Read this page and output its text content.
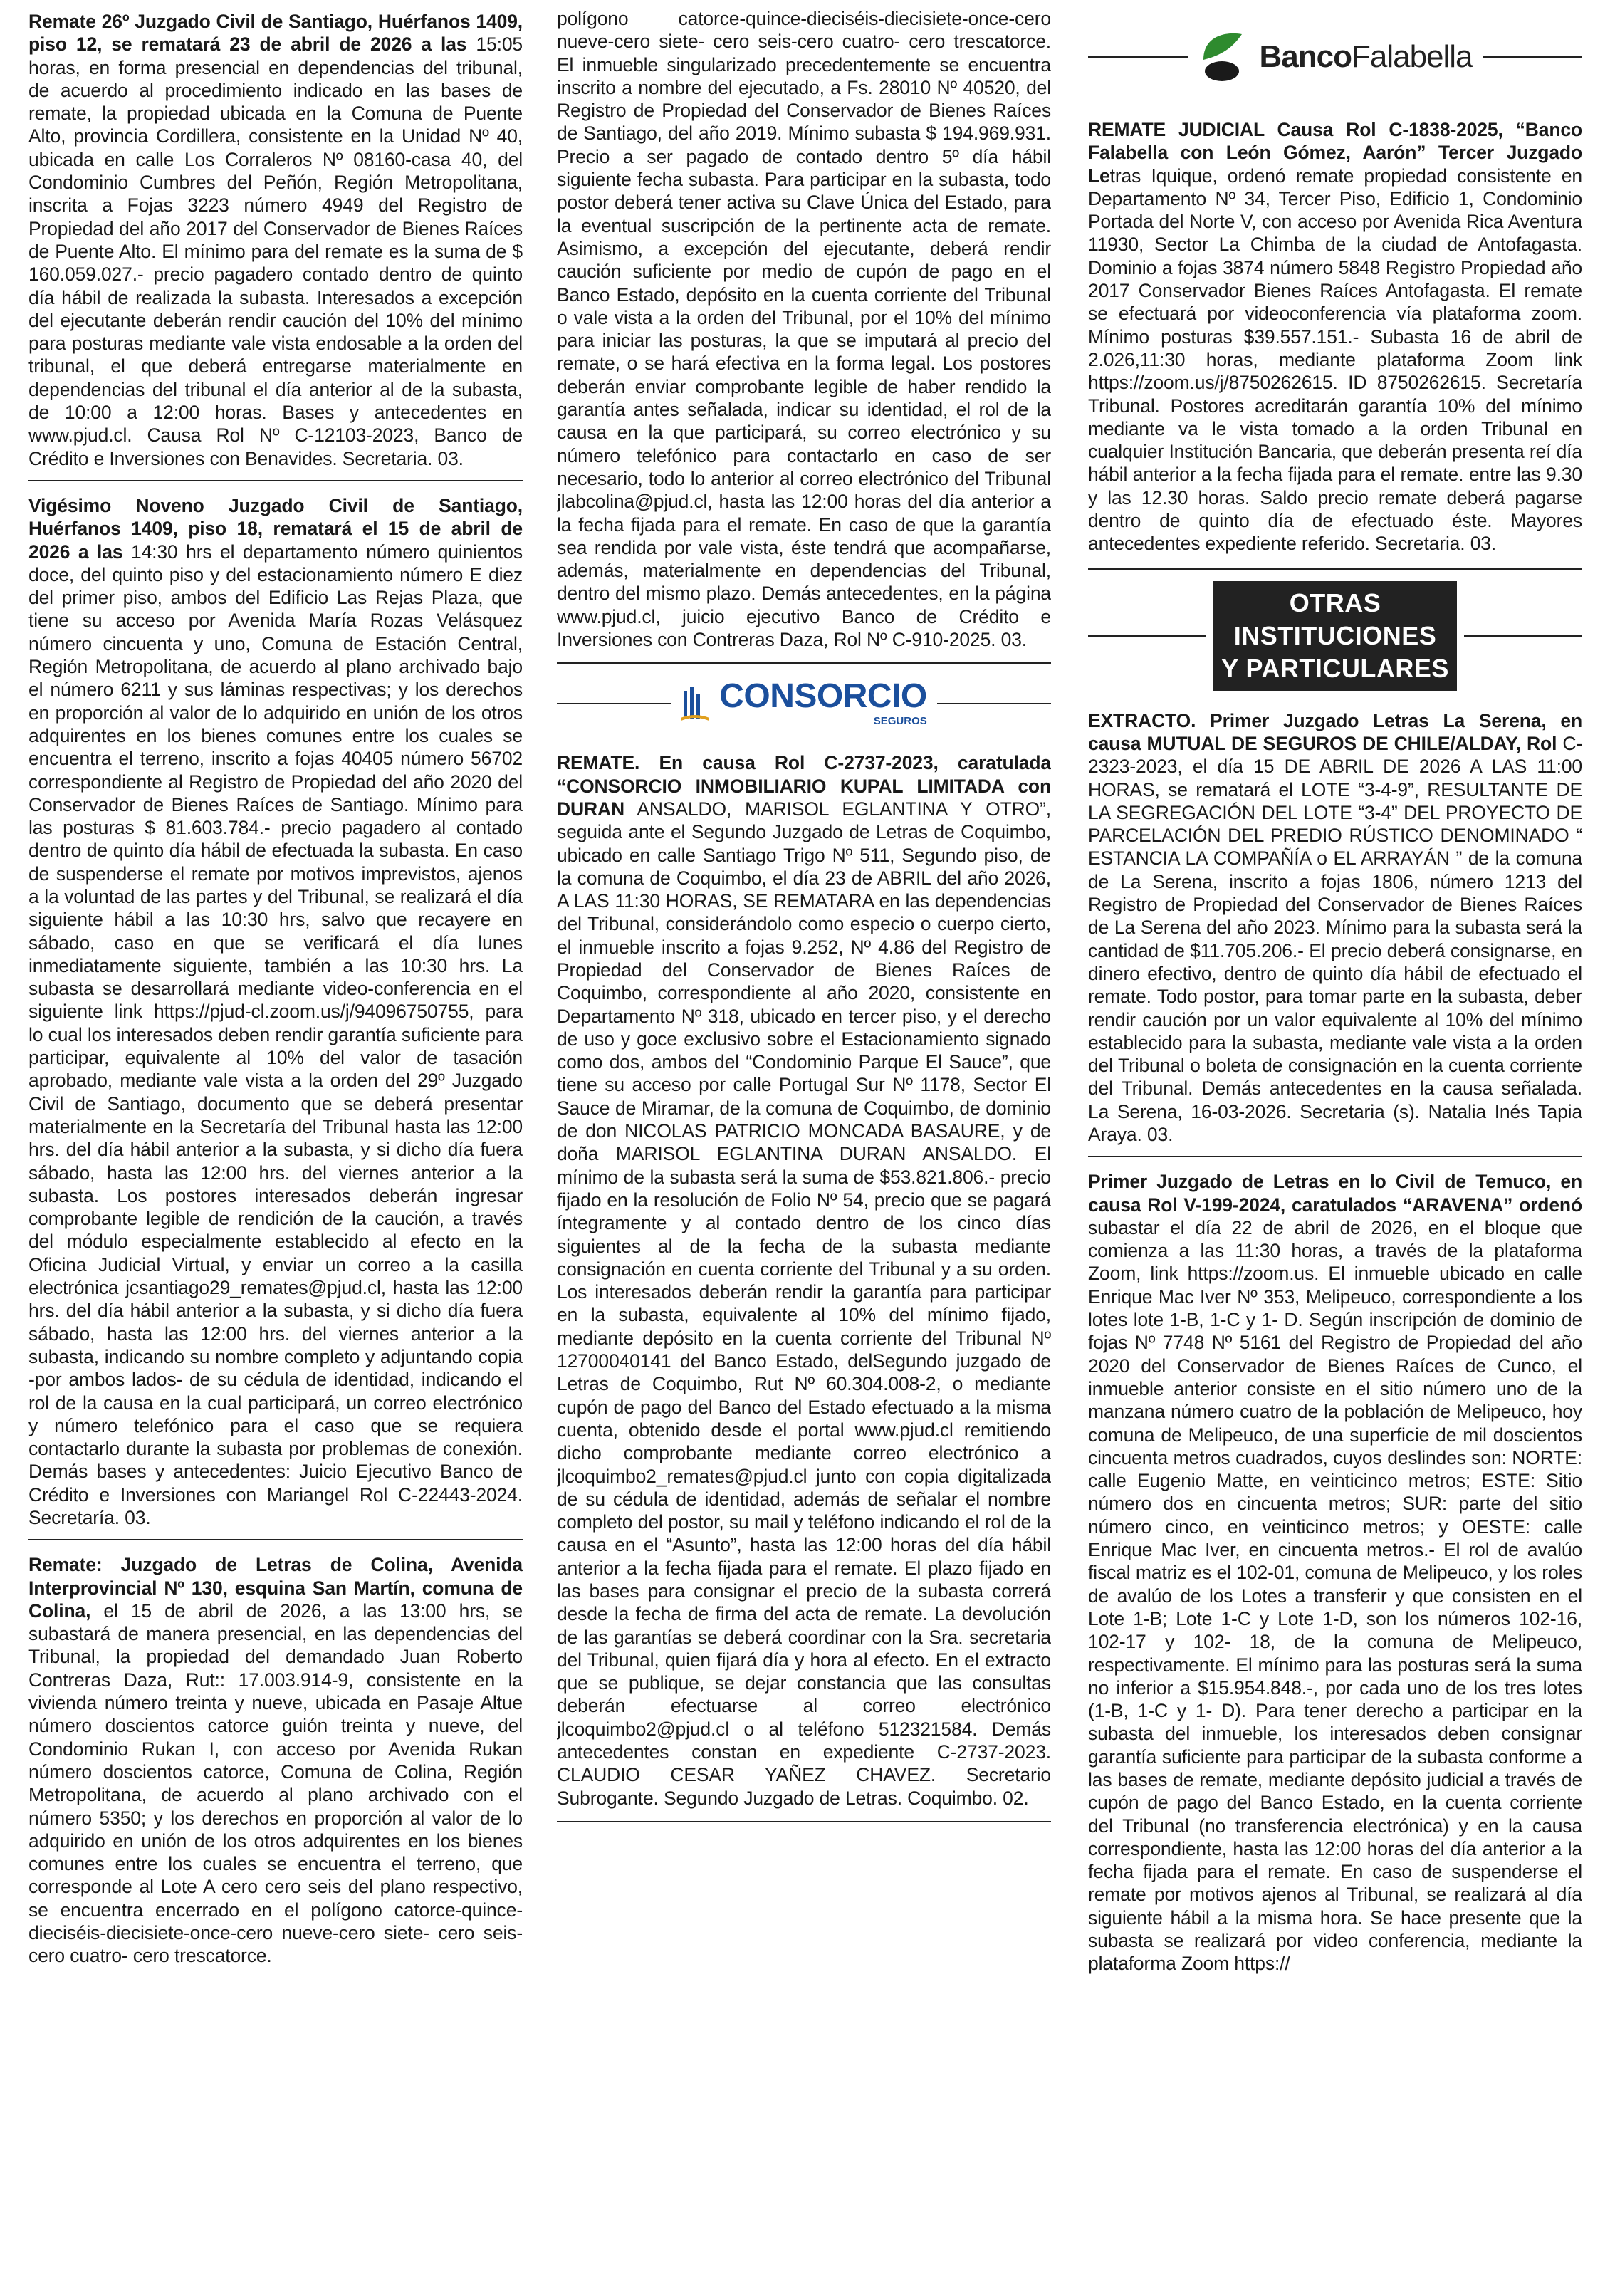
Remate 26º Juzgado Civil de Santiago, Huérfanos 1409, piso 12, se rematará 23 de abril de 2026 a las 15:05 horas, en forma presencial en dependencias del tribunal, de acuerdo al procedimiento indicado en las bases de remate, la propiedad ubicada en la Comuna de Puente Alto, provincia Cordillera, consistente en la Unidad Nº 40, ubicada en calle Los Corraleros Nº 08160-casa 40, del Condominio Cumbres del Peñón, Región Metropolitana, inscrita a Fojas 3223 número 4949 del Registro de Propiedad del año 2017 del Conservador de Bienes Raíces de Puente Alto. El mínimo para del remate es la suma de $ 160.059.027.- precio pagadero contado dentro de quinto día hábil de realizada la subasta. Interesados a excepción del ejecutante deberán rendir caución del 10% del mínimo para posturas mediante vale vista endosable a la orden del tribunal, el que deberá entregarse materialmente en dependencias del tribunal el día anterior al de la subasta, de 10:00 a 12:00 horas. Bases y antecedentes en www.pjud.cl. Causa Rol Nº C-12103-2023, Banco de Crédito e Inversiones con Benavides. Secretaria. 03.

Vigésimo Noveno Juzgado Civil de Santiago, Huérfanos 1409, piso 18, rematará el 15 de abril de 2026 a las 14:30 hrs el departamento número quinientos doce, del quinto piso y del estacionamiento número E diez del primer piso, ambos del Edificio Las Rejas Plaza, que tiene su acceso por Avenida María Rozas Velásquez número cincuenta y uno, Comuna de Estación Central, Región Metropolitana, de acuerdo al plano archivado bajo el número 6211 y sus láminas respectivas; y los derechos en proporción al valor de lo adquirido en unión de los otros adquirentes en los bienes comunes entre los cuales se encuentra el terreno, inscrito a fojas 40405 número 56702 correspondiente al Registro de Propiedad del año 2020 del Conservador de Bienes Raíces de Santiago. Mínimo para las posturas $ 81.603.784.- precio pagadero al contado dentro de quinto día hábil de efectuada la subasta. En caso de suspenderse el remate por motivos imprevistos, ajenos a la voluntad de las partes y del Tribunal, se realizará el día siguiente hábil a las 10:30 hrs, salvo que recayere en sábado, caso en que se verificará el día lunes inmediatamente siguiente, también a las 10:30 hrs. La subasta se desarrollará mediante video-conferencia en el siguiente link https://pjud-cl.zoom.us/j/94096750755, para lo cual los interesados deben rendir garantía suficiente para participar, equivalente al 10% del valor de tasación aprobado, mediante vale vista a la orden del 29º Juzgado Civil de Santiago, documento que se deberá presentar materialmente en la Secretaría del Tribunal hasta las 12:00 hrs. del día hábil anterior a la subasta, y si dicho día fuera sábado, hasta las 12:00 hrs. del viernes anterior a la subasta. Los postores interesados deberán ingresar comprobante legible de rendición de la caución, a través del módulo especialmente establecido al efecto en la Oficina Judicial Virtual, y enviar un correo a la casilla electrónica jcsantiago29_remates@pjud.cl, hasta las 12:00 hrs. del día hábil anterior a la subasta, y si dicho día fuera sábado, hasta las 12:00 hrs. del viernes anterior a la subasta, indicando su nombre completo y adjuntando copia -por ambos lados- de su cédula de identidad, indicando el rol de la causa en la cual participará, un correo electrónico y número telefónico para el caso que se requiera contactarlo durante la subasta por problemas de conexión. Demás bases y antecedentes: Juicio Ejecutivo Banco de Crédito e Inversiones con Mariangel Rol C-22443-2024. Secretaría. 03.

Remate: Juzgado de Letras de Colina, Avenida Interprovincial Nº 130, esquina San Martín, comuna de Colina, el 15 de abril de 2026, a las 13:00 hrs, se subastará de manera presencial, en las dependencias del Tribunal, la propiedad del demandado Juan Roberto Contreras Daza, Rut:: 17.003.914-9, consistente en la vivienda número treinta y nueve, ubicada en Pasaje Altue número doscientos catorce guión treinta y nueve, del Condominio Rukan I, con acceso por Avenida Rukan número doscientos catorce, Comuna de Colina, Región Metropolitana, de acuerdo al plano archivado con el número 5350; y los derechos en proporción al valor de lo adquirido en unión de los otros adquirentes en los bienes comunes entre los cuales se encuentra el terreno, que corresponde al Lote A cero cero seis del plano respectivo, se encuentra encerrado en el polígono catorce-quince-dieciséis-diecisiete-once-cero nueve-cero siete- cero seis-cero cuatro- cero trescatorce.

polígono catorce-quince-dieciséis-diecisiete-once-cero nueve-cero siete- cero seis-cero cuatro- cero trescatorce. El inmueble singularizado precedentemente se encuentra inscrito a nombre del ejecutado, a Fs. 28010 Nº 40520, del Registro de Propiedad del Conservador de Bienes Raíces de Santiago, del año 2019. Mínimo subasta $ 194.969.931. Precio a ser pagado de contado dentro 5º día hábil siguiente fecha subasta. Para participar en la subasta, todo postor deberá tener activa su Clave Única del Estado, para la eventual suscripción de la pertinente acta de remate. Asimismo, a excepción del ejecutante, deberá rendir caución suficiente por medio de cupón de pago en el Banco Estado, depósito en la cuenta corriente del Tribunal o vale vista a la orden del Tribunal, por el 10% del mínimo para iniciar las posturas, la que se imputará al precio del remate, o se hará efectiva en la forma legal. Los postores deberán enviar comprobante legible de haber rendido la garantía antes señalada, indicar su identidad, el rol de la causa en la que participará, su correo electrónico y su número telefónico para contactarlo en caso de ser necesario, todo lo anterior al correo electrónico del Tribunal jlabcolina@pjud.cl, hasta las 12:00 horas del día anterior a la fecha fijada para el remate. En caso de que la garantía sea rendida por vale vista, éste tendrá que acompañarse, además, materialmente en dependencias del Tribunal, dentro del mismo plazo. Demás antecedentes, en la página www.pjud.cl, juicio ejecutivo Banco de Crédito e Inversiones con Contreras Daza, Rol Nº C-910-2025. 03.

CONSORCIO
SEGUROS

REMATE. En causa Rol C-2737-2023, caratulada “CONSORCIO INMOBILIARIO KUPAL LIMITADA con DURAN ANSALDO, MARISOL EGLANTINA Y OTRO”, seguida ante el Segundo Juzgado de Letras de Coquimbo, ubicado en calle Santiago Trigo Nº 511, Segundo piso, de la comuna de Coquimbo, el día 23 de ABRIL del año 2026, A LAS 11:30 HORAS, SE REMATARA en las dependencias del Tribunal, considerándolo como especio o cuerpo cierto, el inmueble inscrito a fojas 9.252, Nº 4.86 del Registro de Propiedad del Conservador de Bienes Raíces de Coquimbo, correspondiente al año 2020, consistente en Departamento Nº 318, ubicado en tercer piso, y el derecho de uso y goce exclusivo sobre el Estacionamiento signado como dos, ambos del “Condominio Parque El Sauce”, que tiene su acceso por calle Portugal Sur Nº 1178, Sector El Sauce de Miramar, de la comuna de Coquimbo, de dominio de don NICOLAS PATRICIO MONCADA BASAURE, y de doña MARISOL EGLANTINA DURAN ANSALDO. El mínimo de la subasta será la suma de $53.821.806.- precio fijado en la resolución de Folio Nº 54, precio que se pagará íntegramente y al contado dentro de los cinco días siguientes al de la fecha de la subasta mediante consignación en cuenta corriente del Tribunal y a su orden. Los interesados deberán rendir la garantía para participar en la subasta, equivalente al 10% del mínimo fijado, mediante depósito en la cuenta corriente del Tribunal Nº 12700040141 del Banco Estado, delSegundo juzgado de Letras de Coquimbo, Rut Nº 60.304.008-2, o mediante cupón de pago del Banco del Estado efectuado a la misma cuenta, obtenido desde el portal www.pjud.cl remitiendo dicho comprobante mediante correo electrónico a jlcoquimbo2_remates@pjud.cl junto con copia digitalizada de su cédula de identidad, además de señalar el nombre completo del postor, su mail y teléfono indicando el rol de la causa en el “Asunto”, hasta las 12:00 horas del día hábil anterior a la fecha fijada para el remate. El plazo fijado en las bases para consignar el precio de la subasta correrá desde la fecha de firma del acta de remate. La devolución de las garantías se deberá coordinar con la Sra. secretaria del Tribunal, quien fijará día y hora al efecto. En el extracto que se publique, se dejar constancia que las consultas deberán efectuarse al correo electrónico jlcoquimbo2@pjud.cl o al teléfono 512321584. Demás antecedentes constan en expediente C-2737-2023. CLAUDIO CESAR YAÑEZ CHAVEZ. Secretario Subrogante. Segundo Juzgado de Letras. Coquimbo. 02.

BancoFalabella

REMATE JUDICIAL Causa Rol C-1838-2025, “Banco Falabella con León Gómez, Aarón” Tercer Juzgado Letras Iquique, ordenó remate propiedad consistente en Departamento Nº 34, Tercer Piso, Edificio 1, Condominio Portada del Norte V, con acceso por Avenida Rica Aventura 11930, Sector La Chimba de la ciudad de Antofagasta. Dominio a fojas 3874 número 5848 Registro Propiedad año 2017 Conservador Bienes Raíces Antofagasta. El remate se efectuará por videoconferencia vía plataforma zoom. Mínimo posturas $39.557.151.- Subasta 16 de abril de 2.026,11:30 horas, mediante plataforma Zoom link https://zoom.us/j/8750262615. ID 8750262615. Secretaría Tribunal. Postores acreditarán garantía 10% del mínimo mediante va le vista tomado a la orden Tribunal en cualquier Institución Bancaria, que deberán presenta reí día hábil anterior a la fecha fijada para el remate. entre las 9.30 y las 12.30 horas. Saldo precio remate deberá pagarse dentro de quinto día de efectuado éste. Mayores antecedentes expediente referido. Secretaria. 03.

OTRAS INSTITUCIONES
Y PARTICULARES

EXTRACTO. Primer Juzgado Letras La Serena, en causa MUTUAL DE SEGUROS DE CHILE/ALDAY, Rol C-2323-2023, el día 15 DE ABRIL DE 2026 A LAS 11:00 HORAS, se rematará el LOTE “3-4-9”, RESULTANTE DE LA SEGREGACIÓN DEL LOTE “3-4” DEL PROYECTO DE PARCELACIÓN DEL PREDIO RÚSTICO DENOMINADO “ ESTANCIA LA COMPAÑÍA o EL ARRAYÁN ” de la comuna de La Serena, inscrito a fojas 1806, número 1213 del Registro de Propiedad del Conservador de Bienes Raíces de La Serena del año 2023. Mínimo para la subasta será la cantidad de $11.705.206.- El precio deberá consignarse, en dinero efectivo, dentro de quinto día hábil de efectuado el remate. Todo postor, para tomar parte en la subasta, deber rendir caución por un valor equivalente al 10% del mínimo establecido para la subasta, mediante vale vista a la orden del Tribunal o boleta de consignación en la cuenta corriente del Tribunal. Demás antecedentes en la causa señalada. La Serena, 16-03-2026. Secretaria (s). Natalia Inés Tapia Araya. 03.

Primer Juzgado de Letras en lo Civil de Temuco, en causa Rol V-199-2024, caratulados “ARAVENA” ordenó subastar el día 22 de abril de 2026, en el bloque que comienza a las 11:30 horas, a través de la plataforma Zoom, link https://zoom.us. El inmueble ubicado en calle Enrique Mac Iver Nº 353, Melipeuco, correspondiente a los lotes lote 1-B, 1-C y 1- D. Según inscripción de dominio de fojas Nº 7748 Nº 5161 del Registro de Propiedad del año 2020 del Conservador de Bienes Raíces de Cunco, el inmueble anterior consiste en el sitio número uno de la manzana número cuatro de la población de Melipeuco, hoy comuna de Melipeuco, de una superficie de mil doscientos cincuenta metros cuadrados, cuyos deslindes son: NORTE: calle Eugenio Matte, en veinticinco metros; ESTE: Sitio número dos en cincuenta metros; SUR: parte del sitio número cinco, en veinticinco metros; y OESTE: calle Enrique Mac Iver, en cincuenta metros.- El rol de avalúo fiscal matriz es el 102-01, comuna de Melipeuco, y los roles de avalúo de los Lotes a transferir y que consisten en el Lote 1-B; Lote 1-C y Lote 1-D, son los números 102-16, 102-17 y 102- 18, de la comuna de Melipeuco, respectivamente. El mínimo para las posturas será la suma no inferior a $15.954.848.-, por cada uno de los tres lotes (1-B, 1-C y 1- D). Para tener derecho a participar en la subasta del inmueble, los interesados deben consignar garantía suficiente para participar de la subasta conforme a las bases de remate, mediante depósito judicial a través de cupón de pago del Banco Estado, en la cuenta corriente del Tribunal (no transferencia electrónica) y en la causa correspondiente, hasta las 12:00 horas del día anterior a la fecha fijada para el remate. En caso de suspenderse el remate por motivos ajenos al Tribunal, se realizará al día siguiente hábil a la misma hora. Se hace presente que la subasta se realizará por video conferencia, mediante la plataforma Zoom https://
